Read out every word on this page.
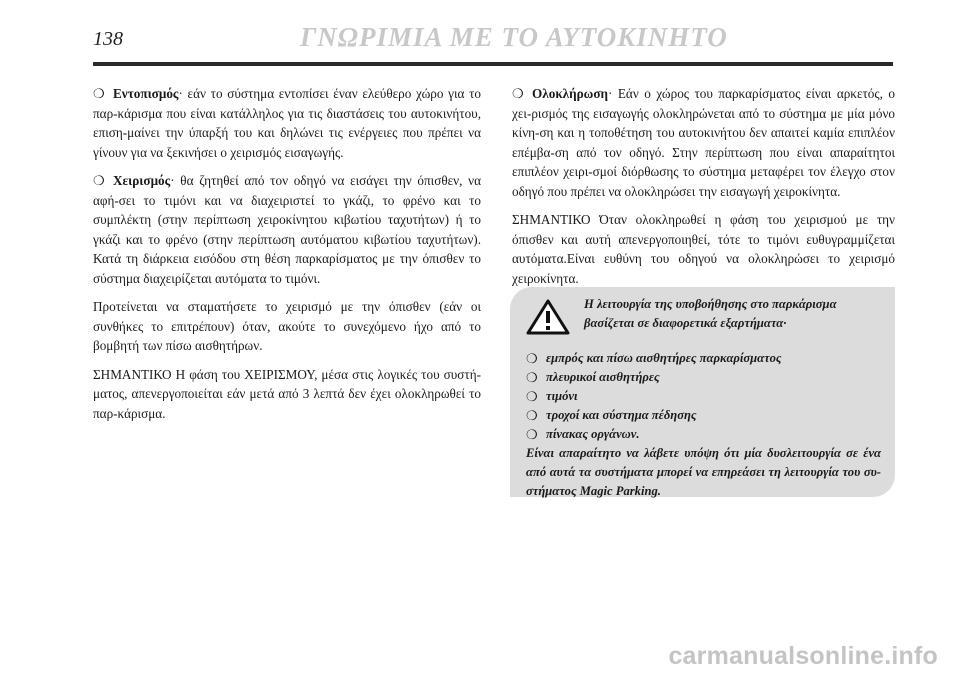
138	ΓΝΩΡΙΜΙΑ ΜΕ ΤΟ ΑΥΤΟΚΙΝΗΤΟ

❍ Εντοπισμός· εάν το σύστημα εντοπίσει έναν ελεύθερο χώρο για το παρ-κάρισμα που είναι κατάλληλος για τις διαστάσεις του αυτοκινήτου, επιση-μαίνει την ύπαρξή του και δηλώνει τις ενέργειες που πρέπει να γίνουν για να ξεκινήσει ο χειρισμός εισαγωγής.

❍ Χειρισμός· θα ζητηθεί από τον οδηγό να εισάγει την όπισθεν, να αφή-σει το τιμόνι και να διαχειριστεί το γκάζι, το φρένο και το συμπλέκτη (στην περίπτωση χειροκίνητου κιβωτίου ταχυτήτων) ή το γκάζι και το φρένο (στην περίπτωση αυτόματου κιβωτίου ταχυτήτων). Κατά τη διάρκεια εισόδου στη θέση παρκαρίσματος με την όπισθεν το σύστημα διαχειρίζεται αυτόματα το τιμόνι.

Προτείνεται να σταματήσετε το χειρισμό με την όπισθεν (εάν οι συνθήκες το επιτρέπουν) όταν, ακούτε το συνεχόμενο ήχο από το βομβητή των πίσω αισθητήρων.

ΣΗΜΑΝΤΙΚΟ Η φάση του ΧΕΙΡΙΣΜΟΥ, μέσα στις λογικές του συστή-ματος, απενεργοποιείται εάν μετά από 3 λεπτά δεν έχει ολοκληρωθεί το παρ-κάρισμα.

❍ Ολοκλήρωση· Εάν ο χώρος του παρκαρίσματος είναι αρκετός, ο χει-ρισμός της εισαγωγής ολοκληρώνεται από το σύστημα με μία μόνο κίνη-ση και η τοποθέτηση του αυτοκινήτου δεν απαιτεί καμία επιπλέον επέμβα-ση από τον οδηγό. Στην περίπτωση που είναι απαραίτητοι επιπλέον χειρι-σμοί διόρθωσης το σύστημα μεταφέρει τον έλεγχο στον οδηγό που πρέπει να ολοκληρώσει την εισαγωγή χειροκίνητα.

ΣΗΜΑΝΤΙΚΟ Όταν ολοκληρωθεί η φάση του χειρισμού με την όπισθεν και αυτή απενεργοποιηθεί, τότε το τιμόνι ευθυγραμμίζεται αυτόματα.Είναι ευθύνη του οδηγού να ολοκληρώσει το χειρισμό χειροκίνητα.

Η λειτουργία της υποβοήθησης στο παρκάρισμα βασίζεται σε διαφορετικά εξαρτήματα·
❍ εμπρός και πίσω αισθητήρες παρκαρίσματος
❍ πλευρικοί αισθητήρες
❍ τιμόνι
❍ τροχοί και σύστημα πέδησης
❍ πίνακας οργάνων.
Είναι απαραίτητο να λάβετε υπόψη ότι μία δυσλειτουργία σε ένα από αυτά τα συστήματα μπορεί να επηρεάσει τη λειτουργία του συ-στήματος Magic Parking.
carmanualsonline.info
